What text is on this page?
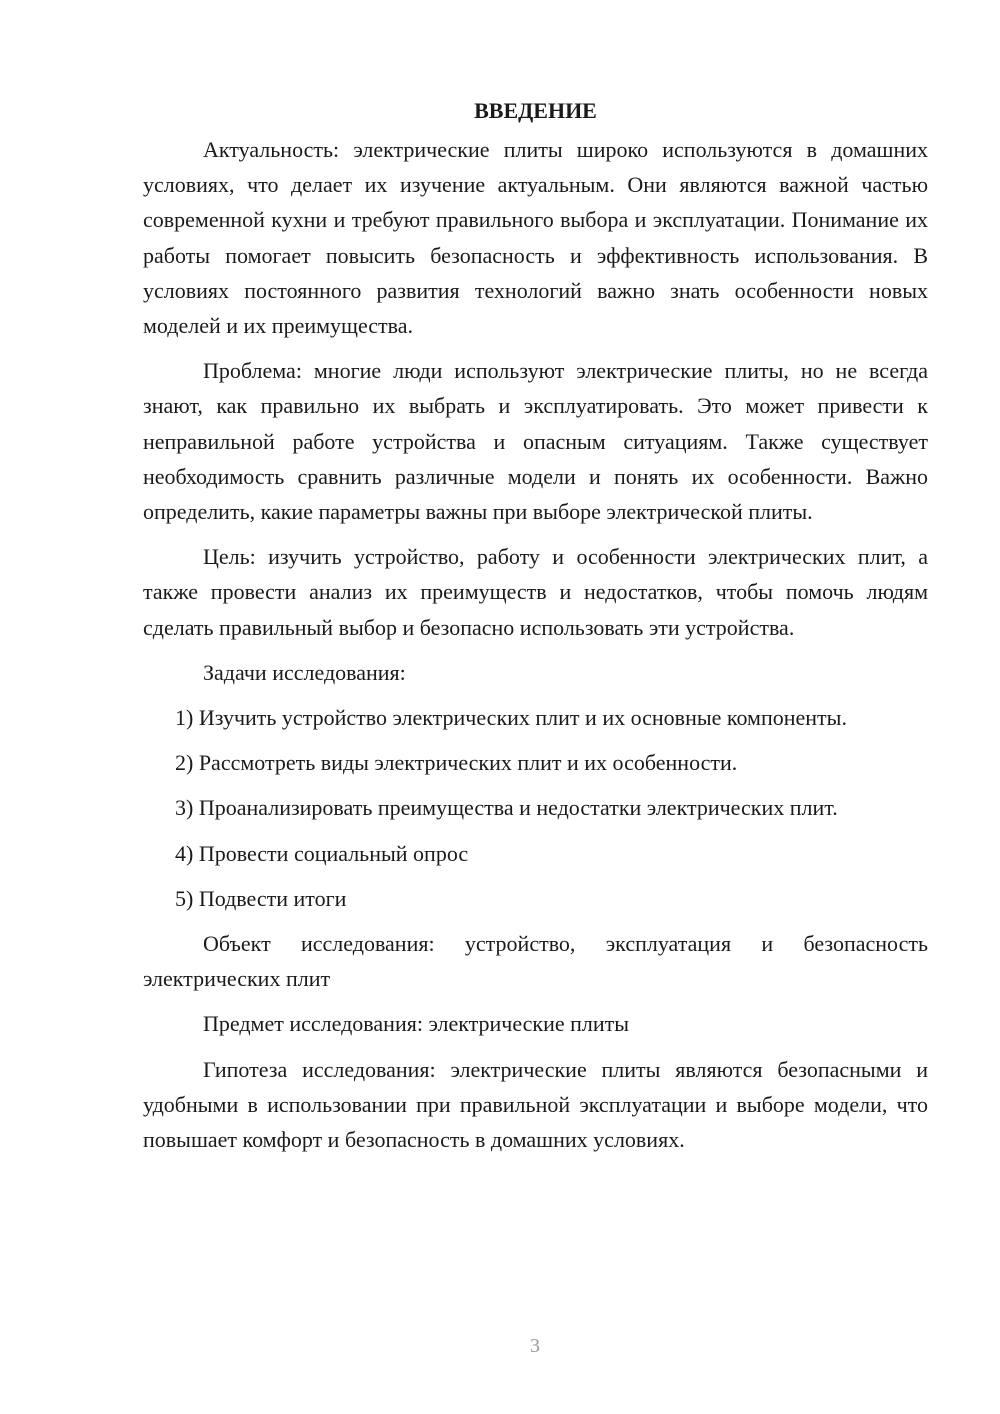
ВВЕДЕНИЕ

Актуальность: электрические плиты широко используются в домашних условиях, что делает их изучение актуальным. Они являются важной частью современной кухни и требуют правильного выбора и эксплуатации. Понимание их работы помогает повысить безопасность и эффективность использования. В условиях постоянного развития технологий важно знать особенности новых моделей и их преимущества.

Проблема: многие люди используют электрические плиты, но не всегда знают, как правильно их выбрать и эксплуатировать. Это может привести к неправильной работе устройства и опасным ситуациям. Также существует необходимость сравнить различные модели и понять их особенности. Важно определить, какие параметры важны при выборе электрической плиты.

Цель: изучить устройство, работу и особенности электрических плит, а также провести анализ их преимуществ и недостатков, чтобы помочь людям сделать правильный выбор и безопасно использовать эти устройства.

Задачи исследования:

1) Изучить устройство электрических плит и их основные компоненты.

2) Рассмотреть виды электрических плит и их особенности.

3) Проанализировать преимущества и недостатки электрических плит.

4) Провести социальный опрос

5) Подвести итоги

Объект исследования: устройство, эксплуатация и безопасность электрических плит

Предмет исследования: электрические плиты

Гипотеза исследования: электрические плиты являются безопасными и удобными в использовании при правильной эксплуатации и выборе модели, что повышает комфорт и безопасность в домашних условиях.

3
